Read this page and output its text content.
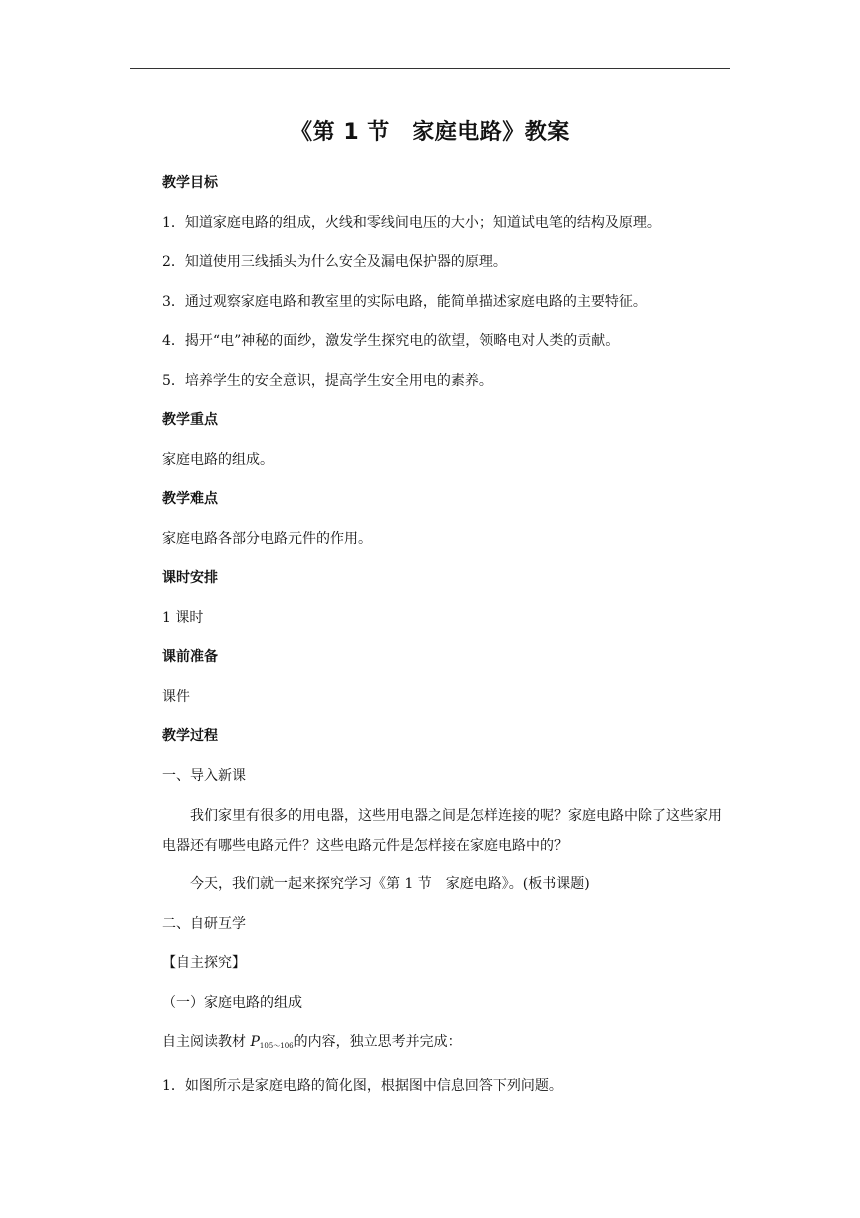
《第 1 节　家庭电路》教案
教学目标
1．知道家庭电路的组成，火线和零线间电压的大小；知道试电笔的结构及原理。
2．知道使用三线插头为什么安全及漏电保护器的原理。
3．通过观察家庭电路和教室里的实际电路，能简单描述家庭电路的主要特征。
4．揭开“电”神秘的面纱，激发学生探究电的欲望，领略电对人类的贡献。
5．培养学生的安全意识，提高学生安全用电的素养。
教学重点
家庭电路的组成。
教学难点
家庭电路各部分电路元件的作用。
课时安排
1 课时
课前准备
课件
教学过程
一、导入新课
我们家里有很多的用电器，这些用电器之间是怎样连接的呢？家庭电路中除了这些家用电器还有哪些电路元件？这些电路元件是怎样接在家庭电路中的？
今天，我们就一起来探究学习《第 1 节　家庭电路》。(板书课题)
二、自研互学
【自主探究】
（一）家庭电路的组成
自主阅读教材 $P_{105\sim 106}$的内容，独立思考并完成：
1．如图所示是家庭电路的简化图，根据图中信息回答下列问题。
